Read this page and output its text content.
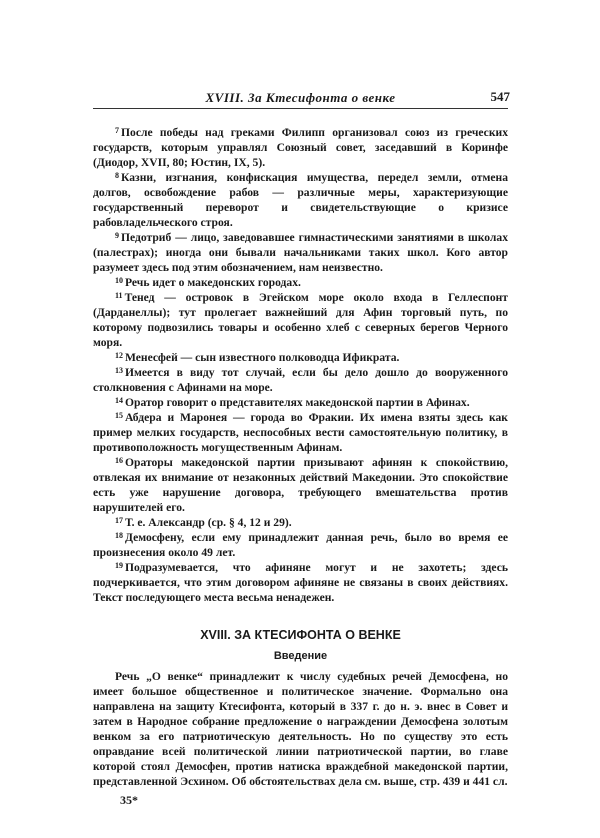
XVIII. За Ктесифонта о венке	547

$^7$ После победы над греками Филипп организовал союз из греческих государств, которым управлял Союзный совет, заседавший в Коринфе (Диодор, XVII, 80; Юстин, IX, 5).

$^8$ Казни, изгнания, конфискация имущества, передел земли, отмена долгов, освобождение рабов — различные меры, характеризующие государственный переворот и свидетельствующие о кризисе рабовладельческого строя.

$^9$ Педотриб — лицо, заведовавшее гимнастическими занятиями в школах (палестрах); иногда они бывали начальниками таких школ. Кого автор разумеет здесь под этим обозначением, нам неизвестно.

$^{10}$ Речь идет о македонских городах.

$^{11}$ Тенед — островок в Эгейском море около входа в Геллеспонт (Дарданеллы); тут пролегает важнейший для Афин торговый путь, по которому подвозились товары и особенно хлеб с северных берегов Черного моря.

$^{12}$ Менесфей — сын известного полководца Ификрата.

$^{13}$ Имеется в виду тот случай, если бы дело дошло до вооруженного столкновения с Афинами на море.

$^{14}$ Оратор говорит о представителях македонской партии в Афинах.

$^{15}$ Абдера и Маронея — города во Фракии. Их имена взяты здесь как пример мелких государств, неспособных вести самостоятельную политику, в противоположность могущественным Афинам.

$^{16}$ Ораторы македонской партии призывают афинян к спокойствию, отвлекая их внимание от незаконных действий Македонии. Это спокойствие есть уже нарушение договора, требующего вмешательства против нарушителей его.

$^{17}$ Т. е. Александр (ср. § 4, 12 и 29).

$^{18}$ Демосфену, если ему принадлежит данная речь, было во время ее произнесения около 49 лет.

$^{19}$ Подразумевается, что афиняне могут и не захотеть; здесь подчеркивается, что этим договором афиняне не связаны в своих действиях. Текст последующего места весьма ненадежен.

XVIII. ЗА КТЕСИФОНТА О ВЕНКЕ
Введение

Речь „О венке“ принадлежит к числу судебных речей Демосфена, но имеет большое общественное и политическое значение. Формально она направлена на защиту Ктесифонта, который в 337 г. до н. э. внес в Совет и затем в Народное собрание предложение о награждении Демосфена золотым венком за его патриотическую деятельность. Но по существу это есть оправдание всей политической линии патриотической партии, во главе которой стоял Демосфен, против натиска враждебной македонской партии, представленной Эсхином. Об обстоятельствах дела см. выше, стр. 439 и 441 сл.

35*
